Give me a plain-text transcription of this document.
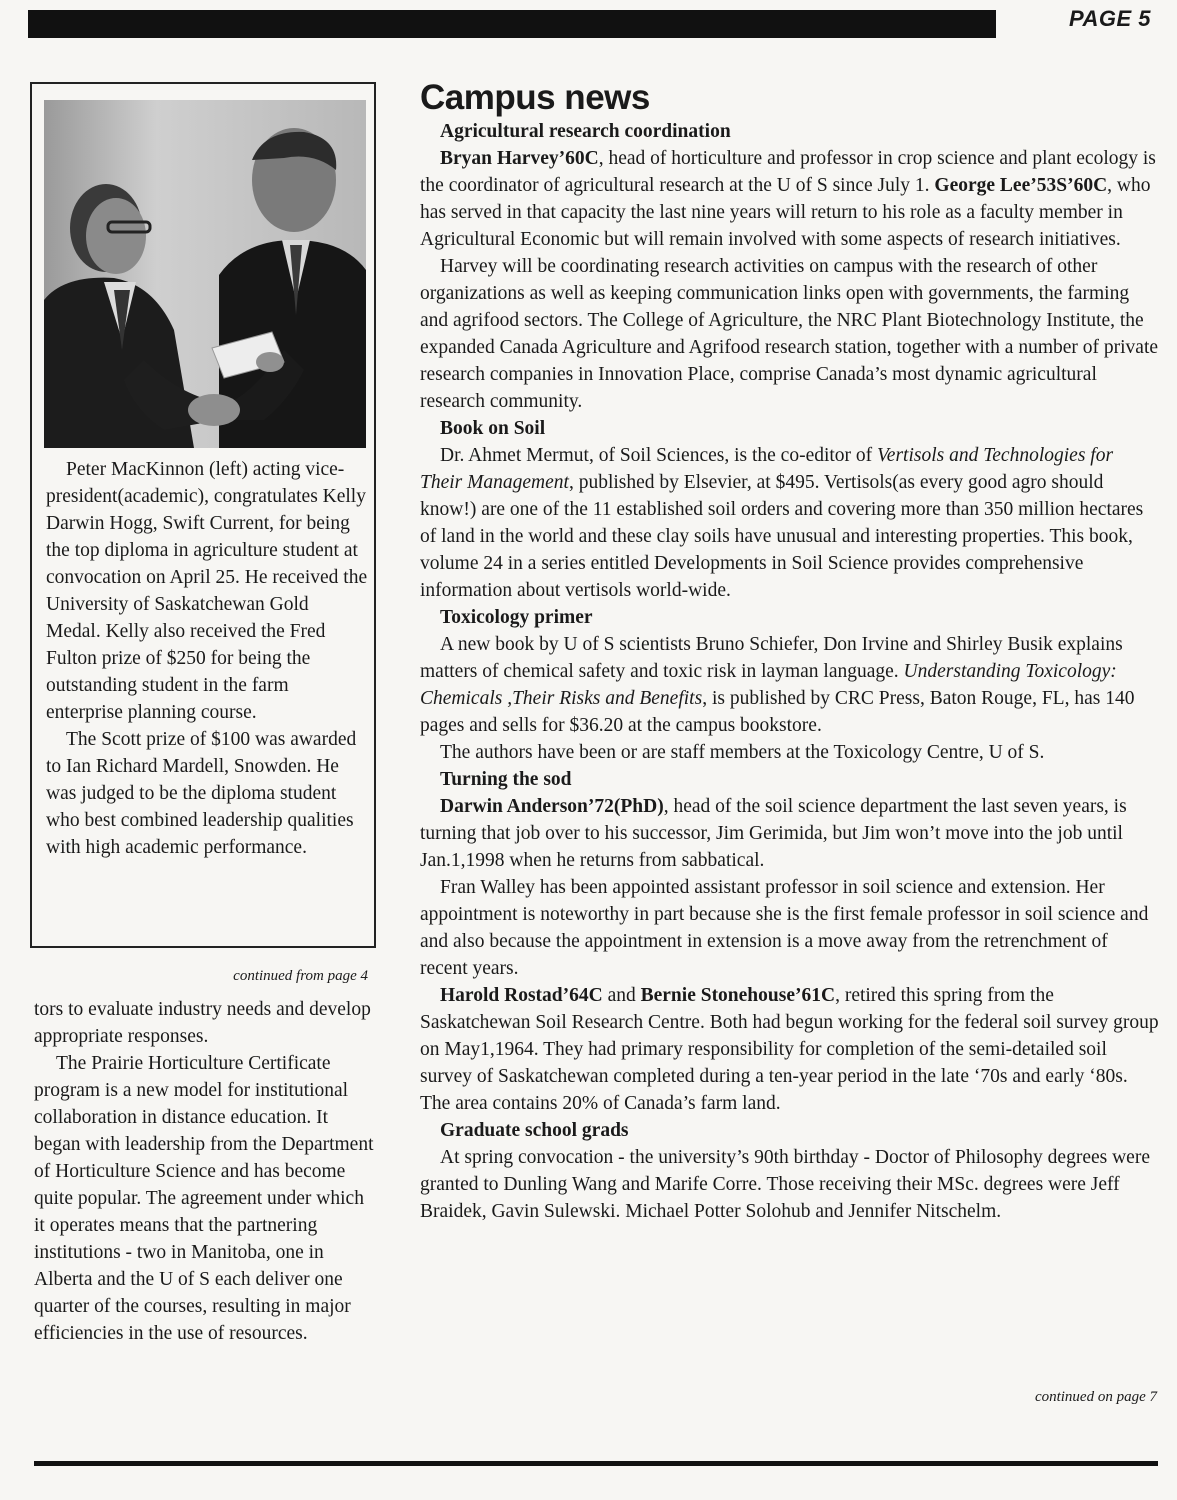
PAGE 5

Peter MacKinnon (left) acting vice-president(academic), congratulates Kelly Darwin Hogg, Swift Current, for being the top diploma in agriculture student at convocation on April 25. He received the University of Saskatchewan Gold Medal. Kelly also received the Fred Fulton prize of $250 for being the outstanding student in the farm enterprise planning course.

The Scott prize of $100 was awarded to Ian Richard Mardell, Snowden. He was judged to be the diploma student who best combined leadership qualities with high academic performance.

continued from page 4

tors to evaluate industry needs and develop appropriate responses.

The Prairie Horticulture Certificate program is a new model for institutional collaboration in distance education. It began with leadership from the Department of Horticulture Science and has become quite popular. The agreement under which it operates means that the partnering institutions - two in Manitoba, one in Alberta and the U of S each deliver one quarter of the courses, resulting in major efficiencies in the use of resources.

Campus news
Agricultural research coordination

Bryan Harvey’60C, head of horticulture and professor in crop science and plant ecology is the coordinator of agricultural research at the U of S since July 1. George Lee’53S’60C, who has served in that capacity the last nine years will return to his role as a faculty member in Agricultural Economic but will remain involved with some aspects of research initiatives.

Harvey will be coordinating research activities on campus with the research of other organizations as well as keeping communication links open with governments, the farming and agrifood sectors. The College of Agriculture, the NRC Plant Biotechnology Institute, the expanded Canada Agriculture and Agrifood research station, together with a number of private research companies in Innovation Place, comprise Canada’s most dynamic agricultural research community.

Book on Soil

Dr. Ahmet Mermut, of Soil Sciences, is the co-editor of Vertisols and Technologies for Their Management, published by Elsevier, at $495. Vertisols(as every good agro should know!) are one of the 11 established soil orders and covering more than 350 million hectares of land in the world and these clay soils have unusual and interesting properties. This book, volume 24 in a series entitled Developments in Soil Science provides comprehensive information about vertisols world-wide.

Toxicology primer

A new book by U of S scientists Bruno Schiefer, Don Irvine and Shirley Busik explains matters of chemical safety and toxic risk in layman language. Understanding Toxicology: Chemicals ,Their Risks and Benefits, is published by CRC Press, Baton Rouge, FL, has 140 pages and sells for $36.20 at the campus bookstore.

The authors have been or are staff members at the Toxicology Centre, U of S.

Turning the sod

Darwin Anderson’72(PhD), head of the soil science department the last seven years, is turning that job over to his successor, Jim Gerimida, but Jim won’t move into the job until Jan.1,1998 when he returns from sabbatical.

Fran Walley has been appointed assistant professor in soil science and extension. Her appointment is noteworthy in part because she is the first female professor in soil science and and also because the appointment in extension is a move away from the retrenchment of recent years.

Harold Rostad’64C and Bernie Stonehouse’61C, retired this spring from the Saskatchewan Soil Research Centre. Both had begun working for the federal soil survey group on May1,1964. They had primary responsibility for completion of the semi-detailed soil survey of Saskatchewan completed during a ten-year period in the late ‘70s and early ‘80s. The area contains 20% of Canada’s farm land.

Graduate school grads

At spring convocation - the university’s 90th birthday - Doctor of Philosophy degrees were granted to Dunling Wang and Marife Corre. Those receiving their MSc. degrees were Jeff Braidek, Gavin Sulewski. Michael Potter Solohub and Jennifer Nitschelm.

continued on page 7
